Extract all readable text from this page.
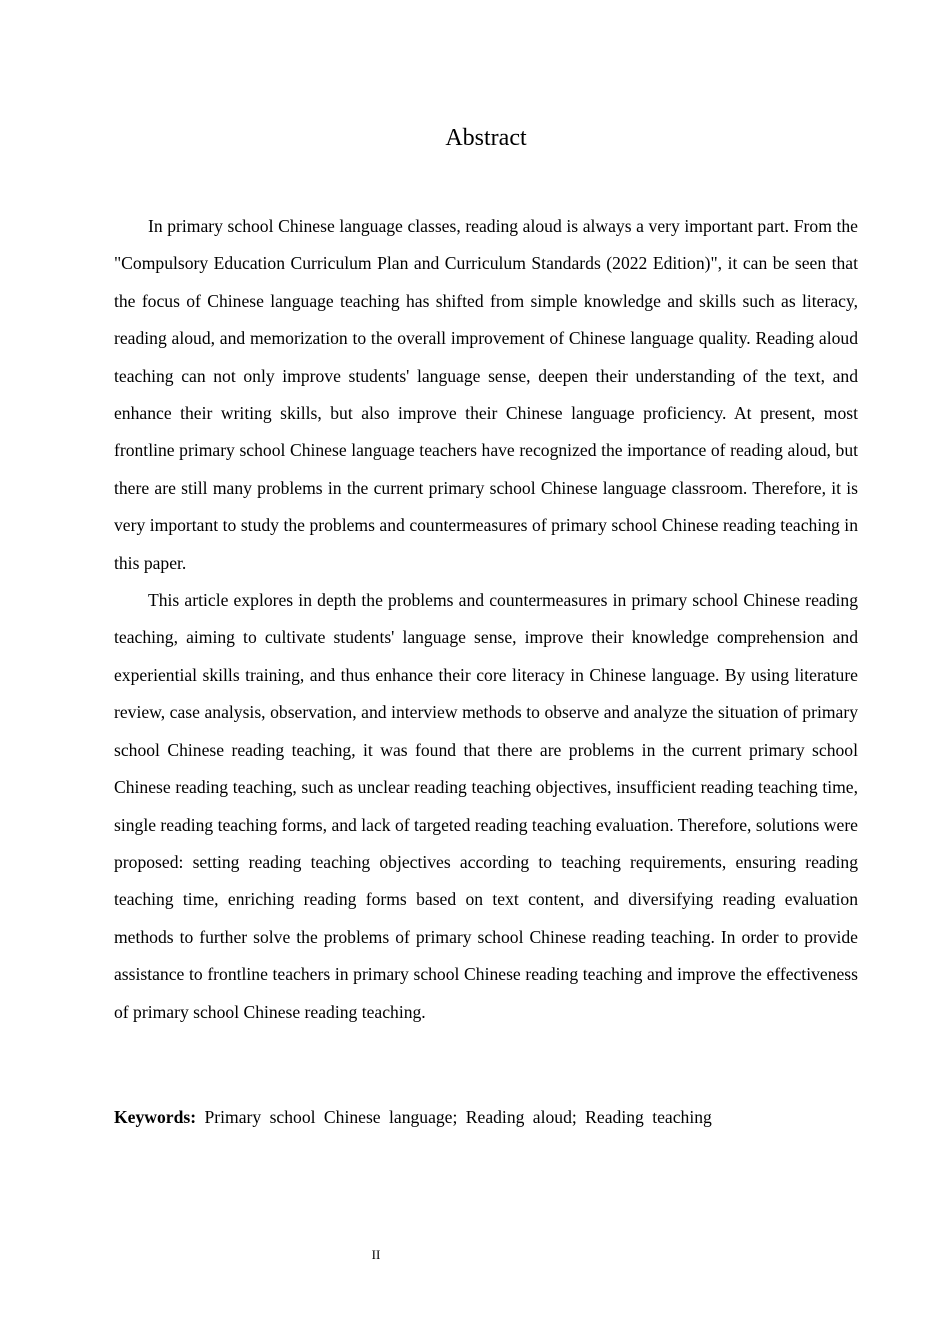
Abstract

In primary school Chinese language classes, reading aloud is always a very important part. From the "Compulsory Education Curriculum Plan and Curriculum Standards (2022 Edition)", it can be seen that the focus of Chinese language teaching has shifted from simple knowledge and skills such as literacy, reading aloud, and memorization to the overall improvement of Chinese language quality. Reading aloud teaching can not only improve students' language sense, deepen their understanding of the text, and enhance their writing skills, but also improve their Chinese language proficiency. At present, most frontline primary school Chinese language teachers have recognized the importance of reading aloud, but there are still many problems in the current primary school Chinese language classroom. Therefore, it is very important to study the problems and countermeasures of primary school Chinese reading teaching in this paper.

This article explores in depth the problems and countermeasures in primary school Chinese reading teaching, aiming to cultivate students' language sense, improve their knowledge comprehension and experiential skills training, and thus enhance their core literacy in Chinese language. By using literature review, case analysis, observation, and interview methods to observe and analyze the situation of primary school Chinese reading teaching, it was found that there are problems in the current primary school Chinese reading teaching, such as unclear reading teaching objectives, insufficient reading teaching time, single reading teaching forms, and lack of targeted reading teaching evaluation. Therefore, solutions were proposed: setting reading teaching objectives according to teaching requirements, ensuring reading teaching time, enriching reading forms based on text content, and diversifying reading evaluation methods to further solve the problems of primary school Chinese reading teaching. In order to provide assistance to frontline teachers in primary school Chinese reading teaching and improve the effectiveness of primary school Chinese reading teaching.

Keywords: Primary school Chinese language; Reading aloud; Reading teaching

II
